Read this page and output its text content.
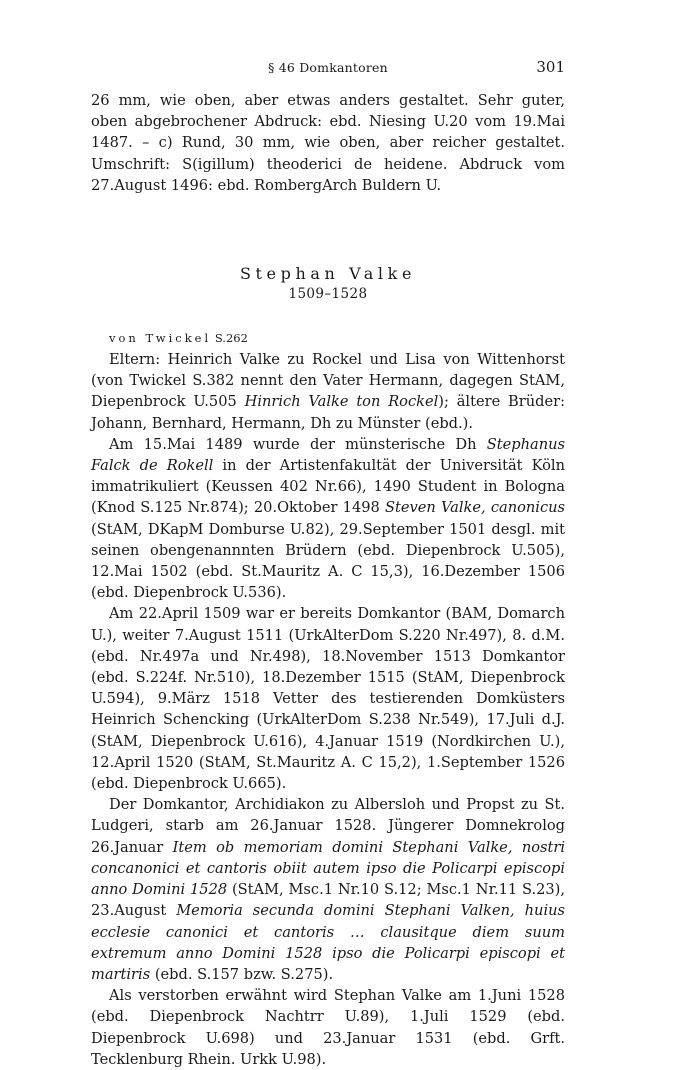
§ 46 Domkantoren	301

26 mm, wie oben, aber etwas anders gestaltet. Sehr guter, oben abgebrochener Abdruck: ebd. Niesing U.20 vom 19.Mai 1487. – c) Rund, 30 mm, wie oben, aber reicher gestaltet. Umschrift: S(igillum) theoderici de heidene. Abdruck vom 27.August 1496: ebd. RombergArch Buldern U.

Stephan Valke
1509–1528

von Twickel S.262

Eltern: Heinrich Valke zu Rockel und Lisa von Wittenhorst (von Twickel S.382 nennt den Vater Hermann, dagegen StAM, Diepenbrock U.505 Hinrich Valke ton Rockel); ältere Brüder: Johann, Bernhard, Hermann, Dh zu Münster (ebd.).

Am 15.Mai 1489 wurde der münsterische Dh Stephanus Falck de Rokell in der Artistenfakultät der Universität Köln immatrikuliert (Keussen 402 Nr.66), 1490 Student in Bologna (Knod S.125 Nr.874); 20.Oktober 1498 Steven Valke, canonicus (StAM, DKapM Domburse U.82), 29.September 1501 desgl. mit seinen obengenannnten Brüdern (ebd. Diepenbrock U.505), 12.Mai 1502 (ebd. St.Mauritz A. C 15,3), 16.Dezember 1506 (ebd. Diepenbrock U.536).

Am 22.April 1509 war er bereits Domkantor (BAM, Domarch U.), weiter 7.August 1511 (UrkAlterDom S.220 Nr.497), 8. d.M. (ebd. Nr.497a und Nr.498), 18.November 1513 Domkantor (ebd. S.224f. Nr.510), 18.Dezember 1515 (StAM, Diepenbrock U.594), 9.März 1518 Vetter des testierenden Domküsters Heinrich Schencking (UrkAlterDom S.238 Nr.549), 17.Juli d.J. (StAM, Diepenbrock U.616), 4.Januar 1519 (Nordkirchen U.), 12.April 1520 (StAM, St.Mauritz A. C 15,2), 1.September 1526 (ebd. Diepenbrock U.665).

Der Domkantor, Archidiakon zu Albersloh und Propst zu St. Ludgeri, starb am 26.Januar 1528. Jüngerer Domnekrolog 26.Januar Item ob memoriam domini Stephani Valke, nostri concanonici et cantoris obiit autem ipso die Policarpi episcopi anno Domini 1528 (StAM, Msc.1 Nr.10 S.12; Msc.1 Nr.11 S.23), 23.August Memoria secunda domini Stephani Valken, huius ecclesie canonici et cantoris … clausitque diem suum extremum anno Domini 1528 ipso die Policarpi episcopi et martiris (ebd. S.157 bzw. S.275).

Als verstorben erwähnt wird Stephan Valke am 1.Juni 1528 (ebd. Diepenbrock Nachtrr U.89), 1.Juli 1529 (ebd. Diepenbrock U.698) und 23.Januar 1531 (ebd. Grft. Tecklenburg Rhein. Urkk U.98).
